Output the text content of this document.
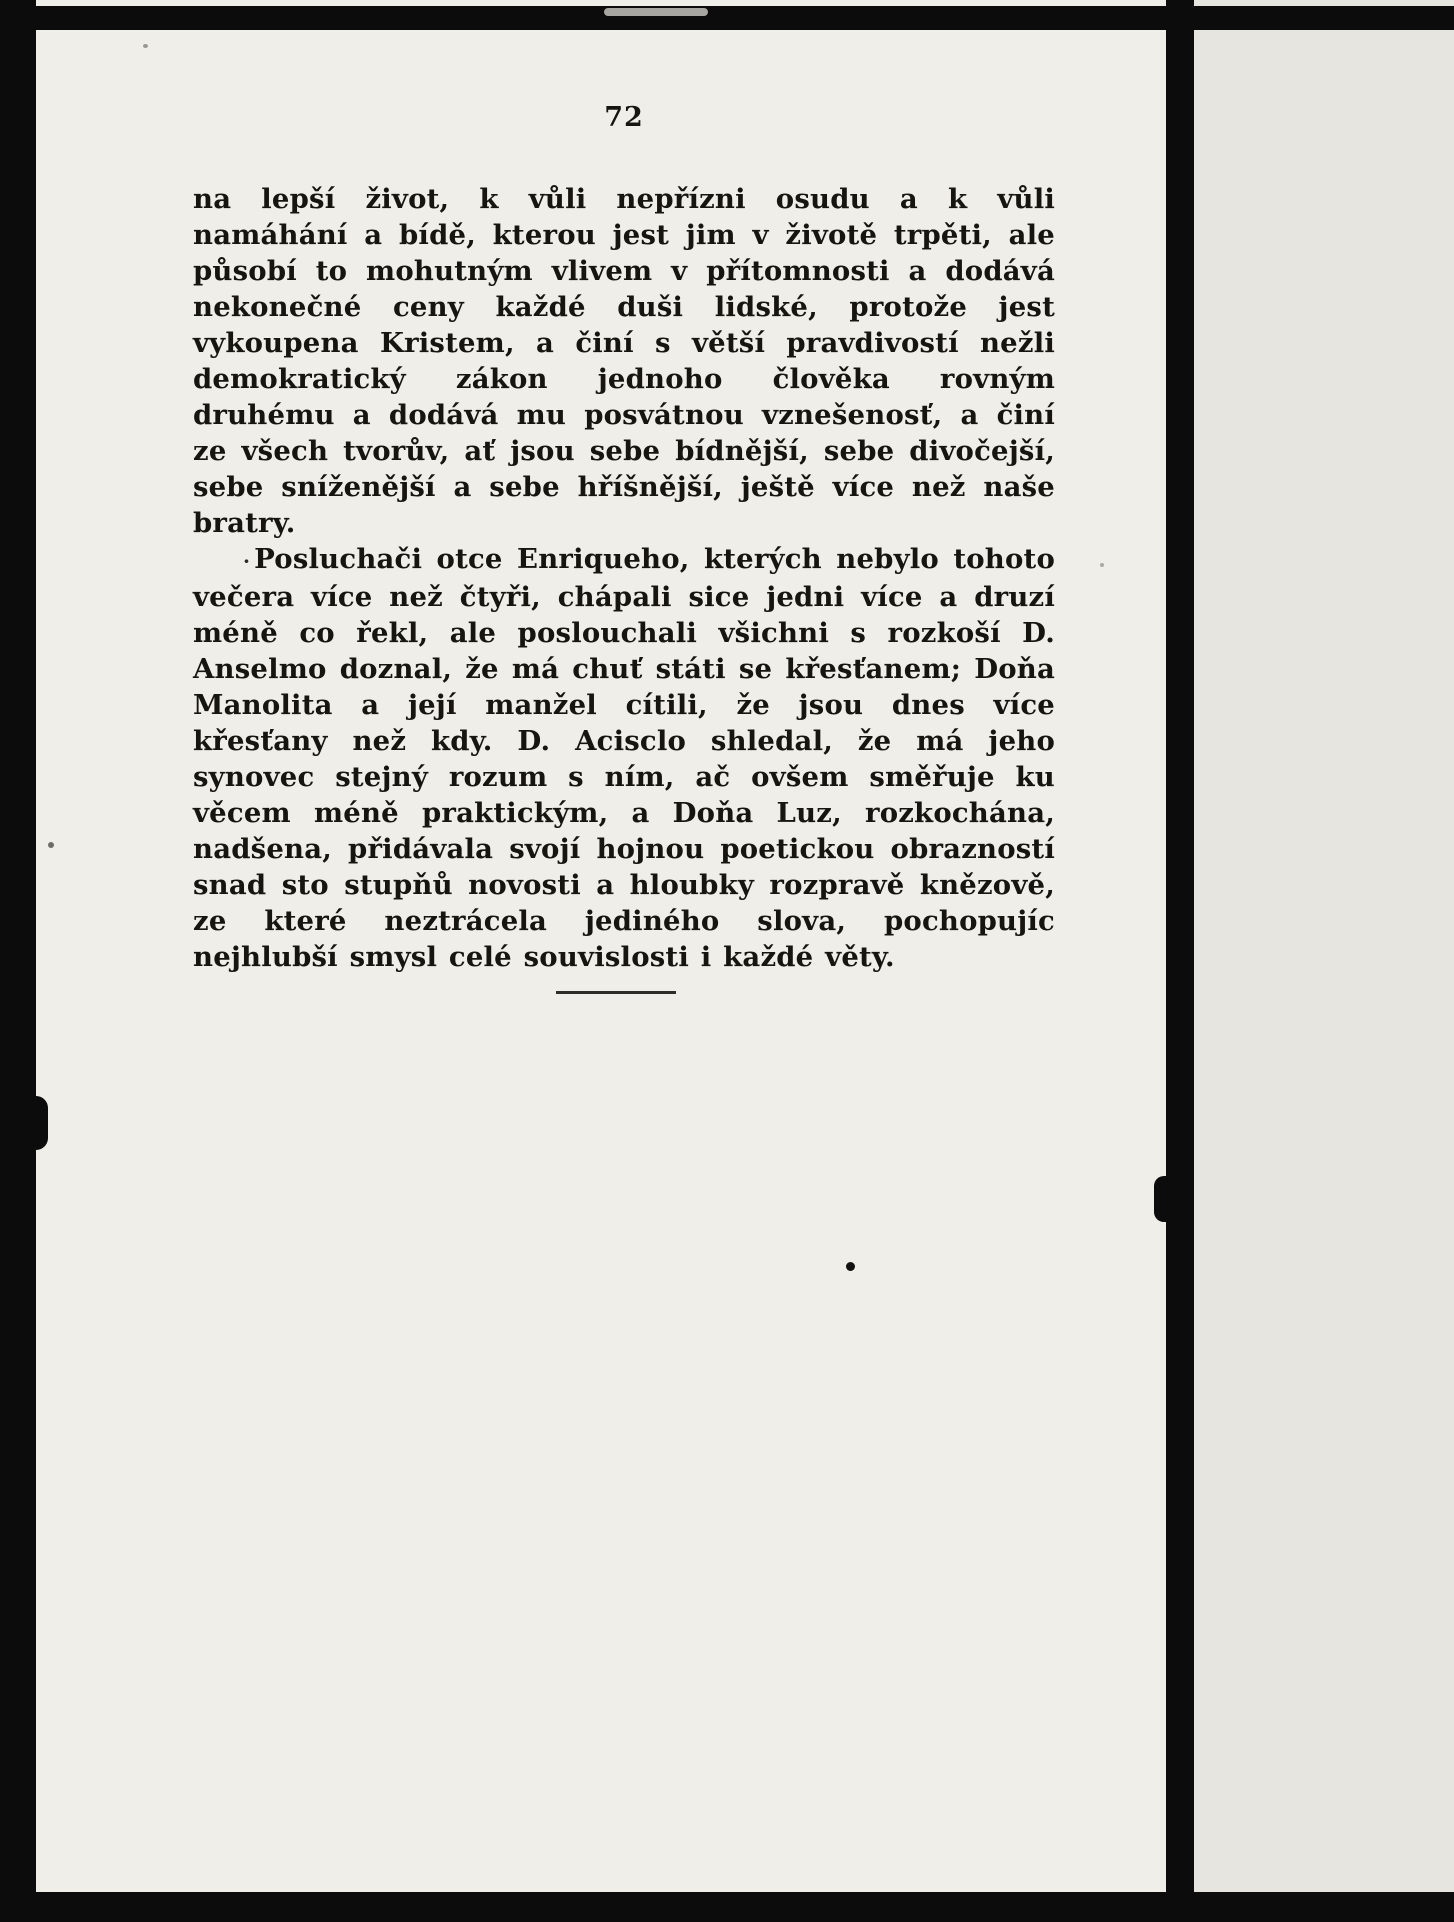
72

na lepší život, k vůli nepřízni osudu a k vůli namáhání a bídě, kterou jest jim v životě trpěti, ale působí to mohutným vlivem v přítomnosti a dodává nekonečné ceny každé duši lidské, protože jest vykoupena Kristem, a činí s větší pravdivostí nežli demokratický zákon jednoho člověka rovným druhému a dodává mu posvátnou vznešenosť, a činí ze všech tvorův, ať jsou sebe bídnější, sebe divočejší, sebe sníženější a sebe hříšnější, ještě více než naše bratry.

· Posluchači otce Enriqueho, kterých nebylo tohoto večera více než čtyři, chápali sice jedni více a druzí méně co řekl, ale poslouchali všichni s rozkoší D. Anselmo doznal, že má chuť státi se křesťanem; Doňa Manolita a její manžel cítili, že jsou dnes více křesťany než kdy. D. Acisclo shledal, že má jeho synovec stejný rozum s ním, ač ovšem směřuje ku věcem méně praktickým, a Doňa Luz, rozkochána, nadšena, přidávala svojí hojnou poetickou obrazností snad sto stupňů novosti a hloubky rozpravě knězově, ze které neztrácela jediného slova, pochopujíc nejhlubší smysl celé souvislosti i každé věty.
